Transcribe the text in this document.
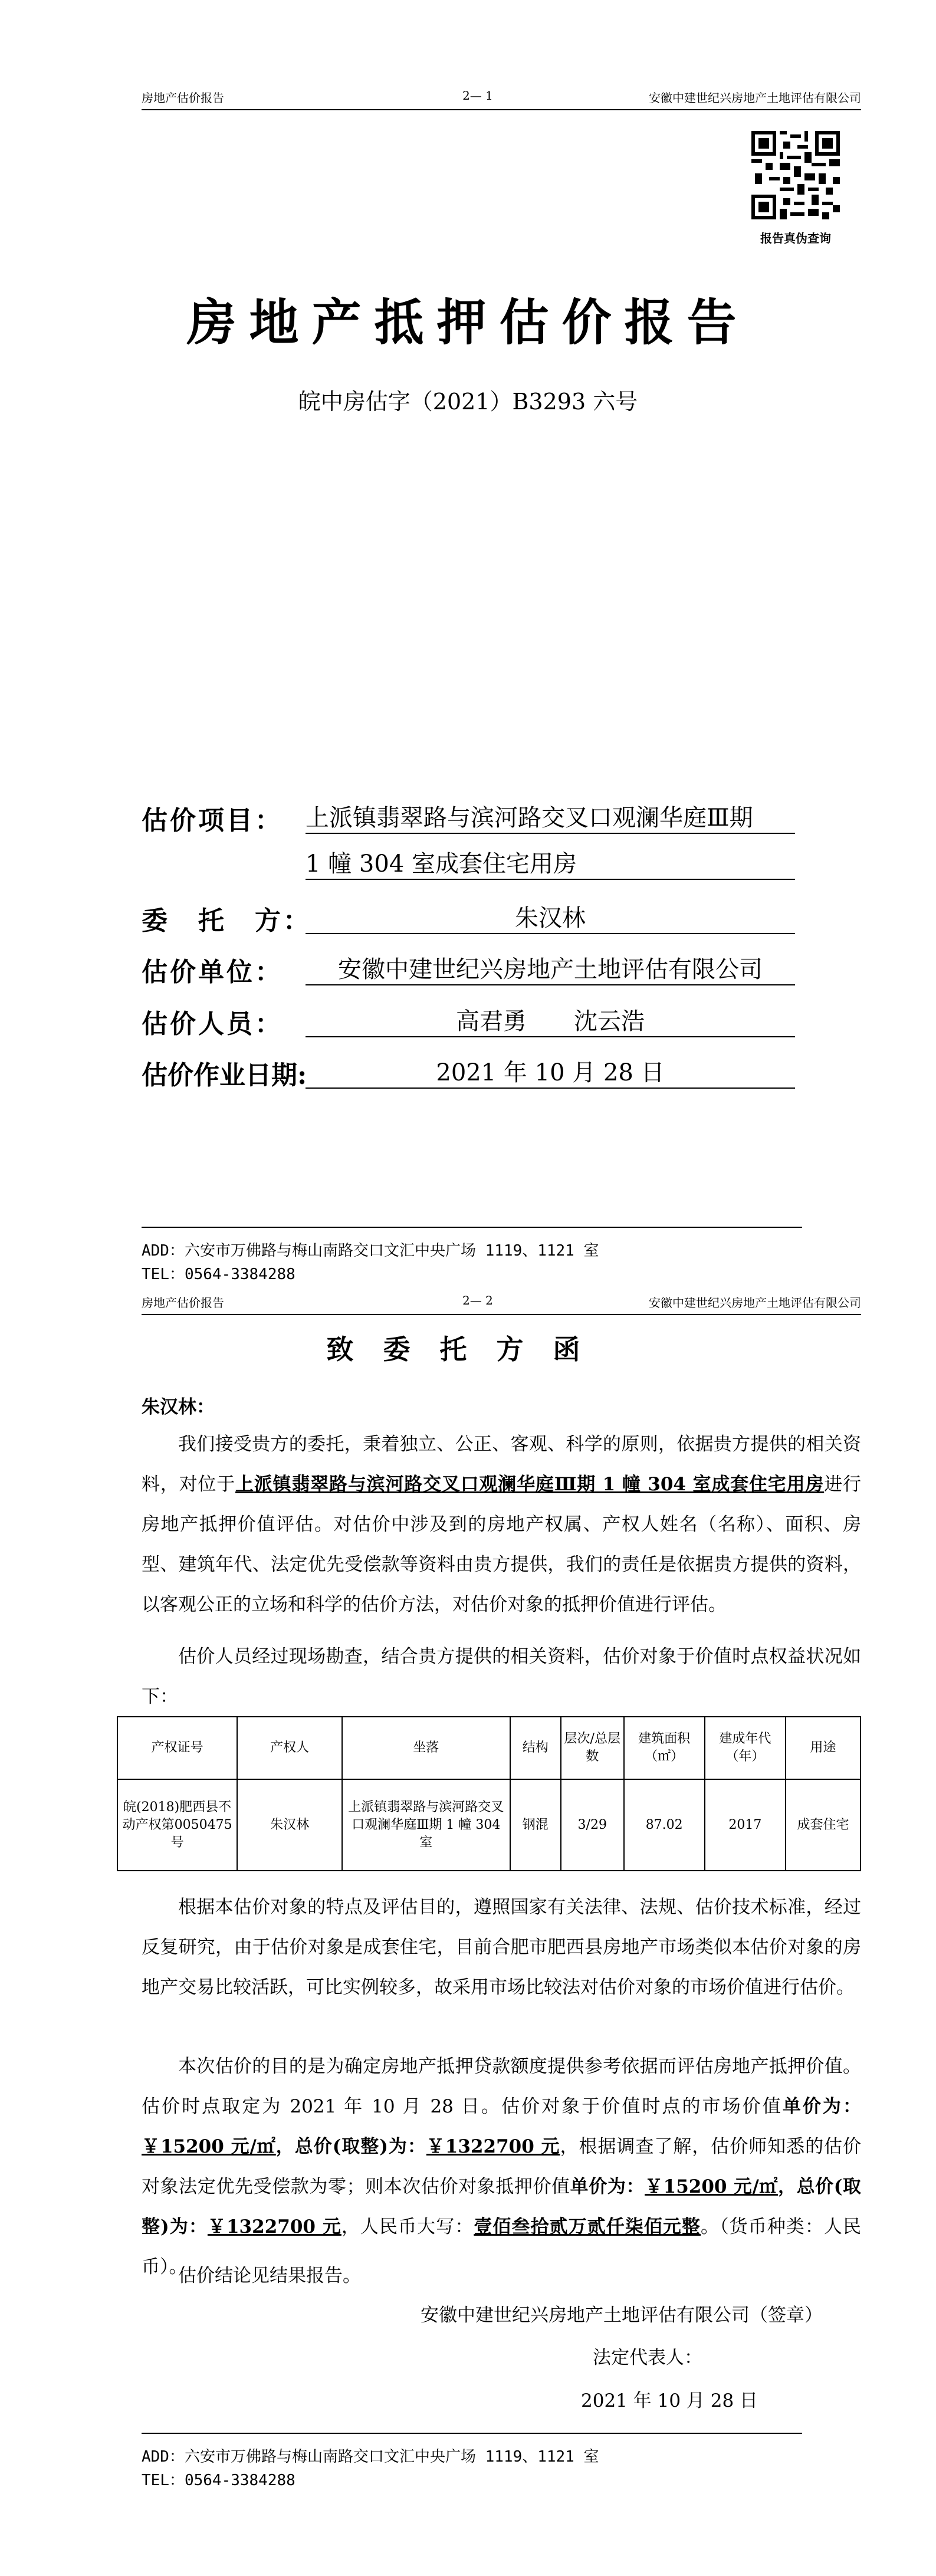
房地产估价报告	2— 1	安徽中建世纪兴房地产土地评估有限公司
报告真伪查询
房地产抵押估价报告
皖中房估字（2021）B3293 六号
估价项目： 上派镇翡翠路与滨河路交叉口观澜华庭Ⅲ期
1 幢 304 室成套住宅用房
委　托　方：	朱汉林
估价单位：	安徽中建世纪兴房地产土地评估有限公司
估价人员：	高君勇　　沈云浩
估价作业日期:	2021 年 10 月 28 日
ADD：六安市万佛路与梅山南路交口文汇中央广场 1119、1121 室
TEL：0564-3384288
房地产估价报告	2— 2	安徽中建世纪兴房地产土地评估有限公司
致委托方函
朱汉林：
我们接受贵方的委托，秉着独立、公正、客观、科学的原则，依据贵方提供的相关资料，对位于上派镇翡翠路与滨河路交叉口观澜华庭Ⅲ期 1 幢 304 室成套住宅用房进行房地产抵押价值评估。对估价中涉及到的房地产权属、产权人姓名（名称）、面积、房型、建筑年代、法定优先受偿款等资料由贵方提供，我们的责任是依据贵方提供的资料，以客观公正的立场和科学的估价方法，对估价对象的抵押价值进行评估。
估价人员经过现场勘查，结合贵方提供的相关资料，估价对象于价值时点权益状况如下：
产权证号	产权人	坐落	结构	层次/总层数	建筑面积（㎡）	建成年代（年）	用途
皖(2018)肥西县不动产权第0050475号	朱汉林	上派镇翡翠路与滨河路交叉口观澜华庭Ⅲ期 1 幢 304 室	钢混	3/29	87.02	2017	成套住宅
根据本估价对象的特点及评估目的，遵照国家有关法律、法规、估价技术标准，经过反复研究，由于估价对象是成套住宅，目前合肥市肥西县房地产市场类似本估价对象的房地产交易比较活跃，可比实例较多，故采用市场比较法对估价对象的市场价值进行估价。
本次估价的目的是为确定房地产抵押贷款额度提供参考依据而评估房地产抵押价值。估价时点取定为 2021 年 10 月 28 日。估价对象于价值时点的市场价值单价为：￥15200 元/㎡，总价(取整)为：￥1322700 元，根据调查了解，估价师知悉的估价对象法定优先受偿款为零；则本次估价对象抵押价值单价为：￥15200 元/㎡，总价(取整)为：￥1322700 元，人民币大写：壹佰叁拾贰万贰仟柒佰元整。（货币种类：人民币）。
估价结论见结果报告。
安徽中建世纪兴房地产土地评估有限公司（签章）
法定代表人：
2021 年 10 月 28 日
ADD：六安市万佛路与梅山南路交口文汇中央广场 1119、1121 室
TEL：0564-3384288
